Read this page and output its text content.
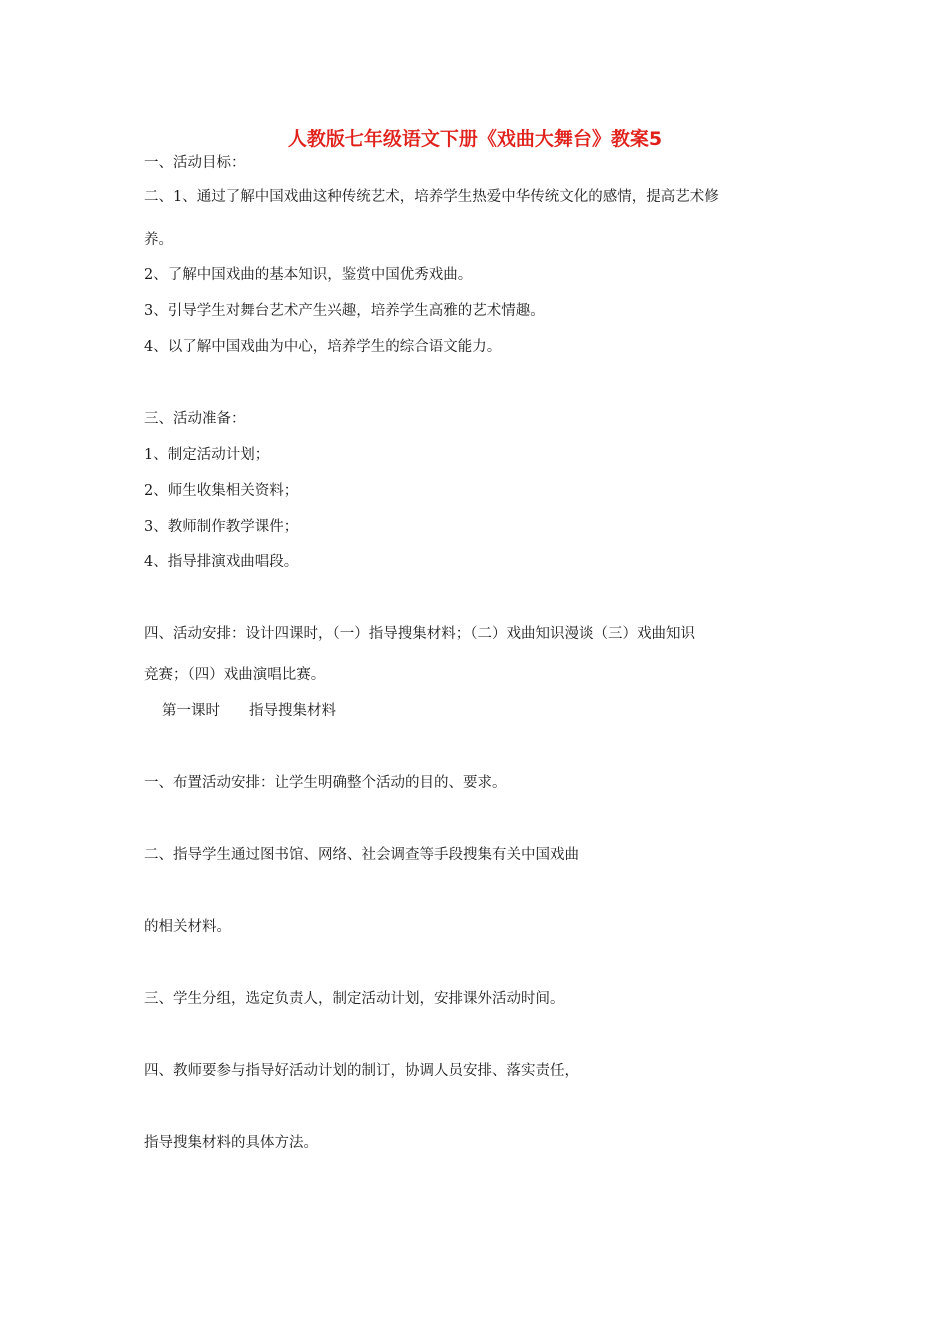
人教版七年级语文下册《戏曲大舞台》教案5
一、活动目标：
二、1、通过了解中国戏曲这种传统艺术，培养学生热爱中华传统文化的感情，提高艺术修
养。
2、了解中国戏曲的基本知识，鉴赏中国优秀戏曲。
3、引导学生对舞台艺术产生兴趣，培养学生高雅的艺术情趣。
4、以了解中国戏曲为中心，培养学生的综合语文能力。
三、活动准备：
1、制定活动计划；
2、师生收集相关资料；
3、教师制作教学课件；
4、指导排演戏曲唱段。
四、活动安排：设计四课时，（一）指导搜集材料；（二）戏曲知识漫谈（三）戏曲知识
竞赛；（四）戏曲演唱比赛。
第一课时　　指导搜集材料
一、布置活动安排：让学生明确整个活动的目的、要求。
二、指导学生通过图书馆、网络、社会调查等手段搜集有关中国戏曲
的相关材料。
三、学生分组，选定负责人，制定活动计划，安排课外活动时间。
四、教师要参与指导好活动计划的制订，协调人员安排、落实责任，
指导搜集材料的具体方法。
